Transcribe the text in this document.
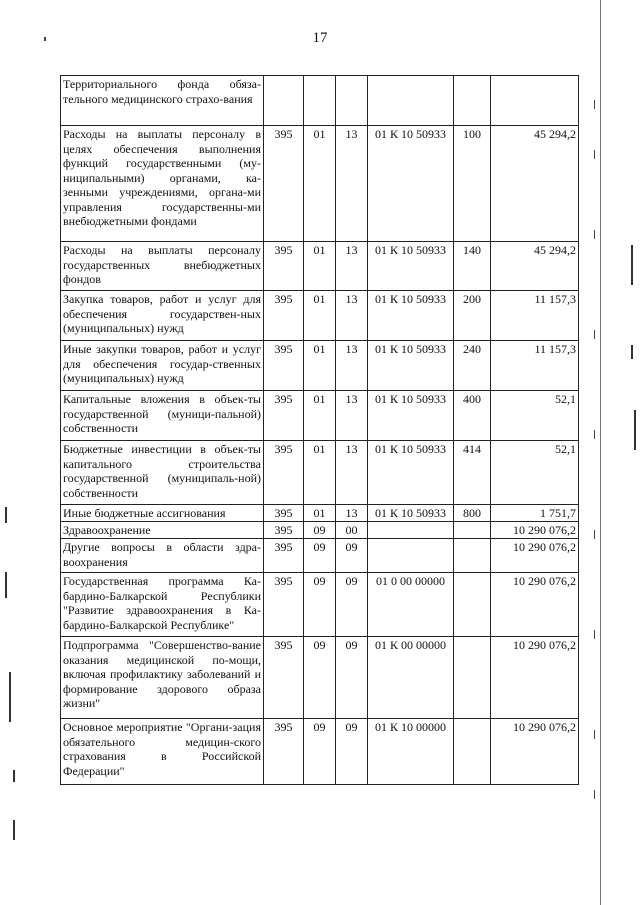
17
Территориального фонда обяза-тельного медицинского страхо-вания						
Расходы на выплаты персоналу в целях обеспечения выполнения функций государственными (му-ниципальными) органами, ка-зенными учреждениями, органа-ми управления государственны-ми внебюджетными фондами	395	01	13	01 К 10 50933	100	45 294,2
Расходы на выплаты персоналу государственных внебюджетных фондов	395	01	13	01 К 10 50933	140	45 294,2
Закупка товаров, работ и услуг для обеспечения государствен-ных (муниципальных) нужд	395	01	13	01 К 10 50933	200	11 157,3
Иные закупки товаров, работ и услуг для обеспечения государ-ственных (муниципальных) нужд	395	01	13	01 К 10 50933	240	11 157,3
Капитальные вложения в объек-ты государственной (муници-пальной) собственности	395	01	13	01 К 10 50933	400	52,1
Бюджетные инвестиции в объек-ты капитального строительства государственной (муниципаль-ной) собственности	395	01	13	01 К 10 50933	414	52,1
Иные бюджетные ассигнования	395	01	13	01 К 10 50933	800	1 751,7
Здравоохранение	395	09	00			10 290 076,2
Другие вопросы в области здра-воохранения	395	09	09			10 290 076,2
Государственная программа Ка-бардино-Балкарской Республики "Развитие здравоохранения в Ка-бардино-Балкарской Республике"	395	09	09	01 0 00 00000		10 290 076,2
Подпрограмма "Совершенство-вание оказания медицинской по-мощи, включая профилактику заболеваний и формирование здорового образа жизни"	395	09	09	01 К 00 00000		10 290 076,2
Основное мероприятие "Органи-зация обязательного медицин-ского страхования в Российской Федерации"	395	09	09	01 К 10 00000		10 290 076,2
